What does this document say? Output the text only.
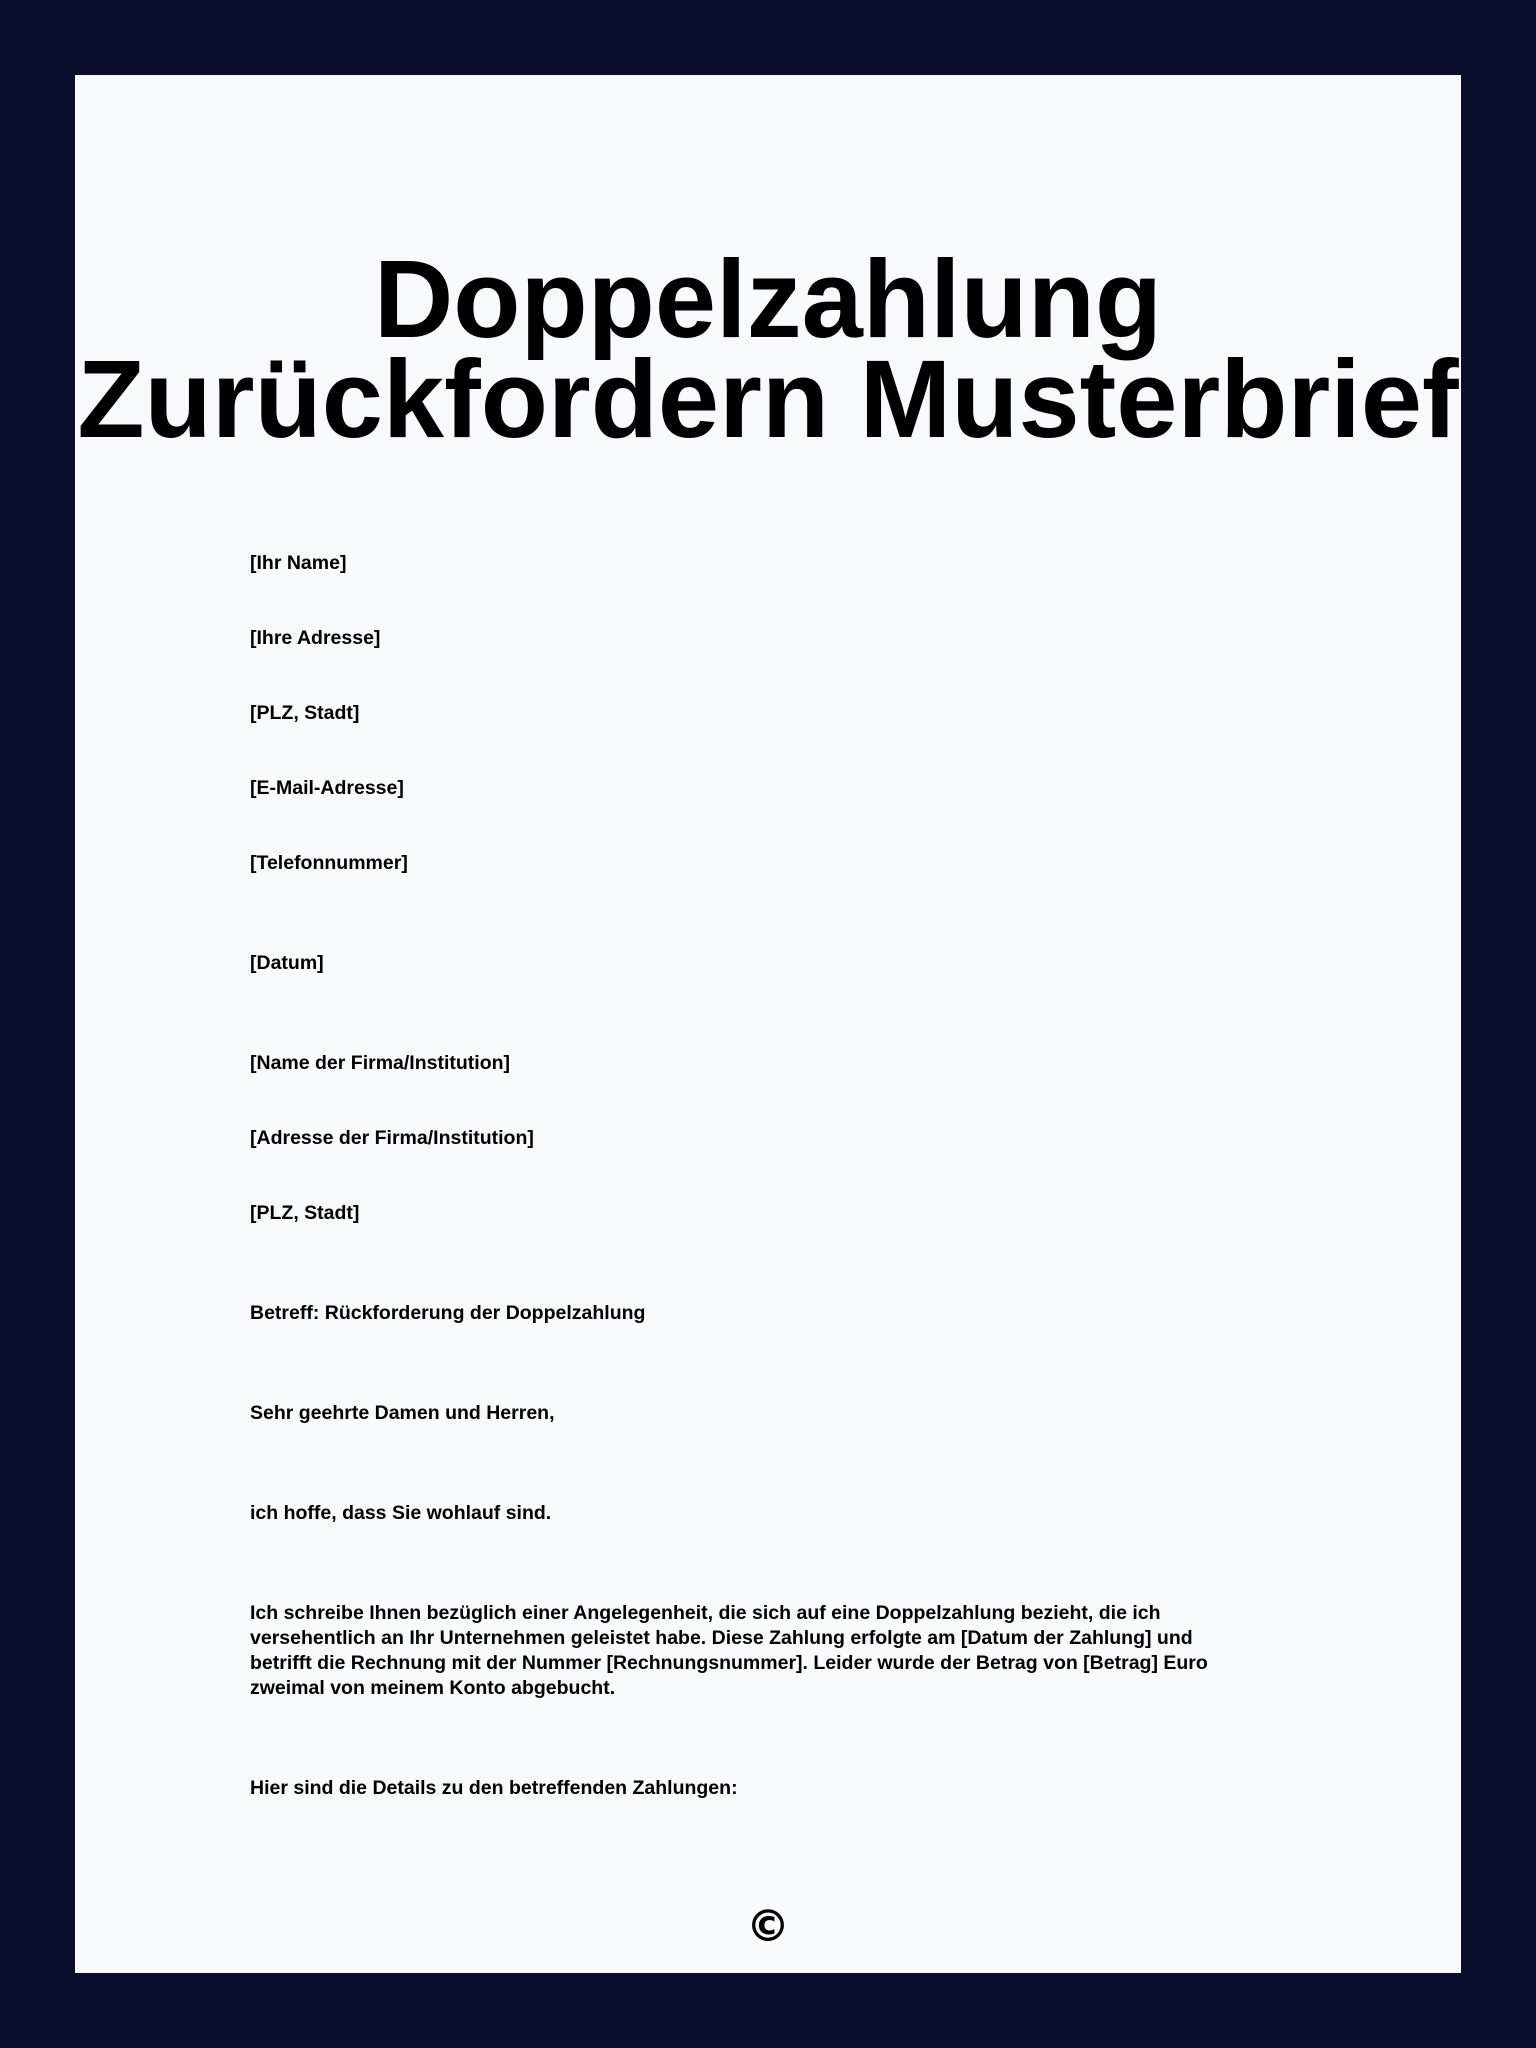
Doppelzahlung
Zurückfordern Musterbrief

[Ihr Name]

[Ihre Adresse]

[PLZ, Stadt]

[E-Mail-Adresse]

[Telefonnummer]

[Datum]

[Name der Firma/Institution]

[Adresse der Firma/Institution]

[PLZ, Stadt]

Betreff: Rückforderung der Doppelzahlung

Sehr geehrte Damen und Herren,

ich hoffe, dass Sie wohlauf sind.

Ich schreibe Ihnen bezüglich einer Angelegenheit, die sich auf eine Doppelzahlung bezieht, die ich
versehentlich an Ihr Unternehmen geleistet habe. Diese Zahlung erfolgte am [Datum der Zahlung] und
betrifft die Rechnung mit der Nummer [Rechnungsnummer]. Leider wurde der Betrag von [Betrag] Euro
zweimal von meinem Konto abgebucht.

Hier sind die Details zu den betreffenden Zahlungen:

©
